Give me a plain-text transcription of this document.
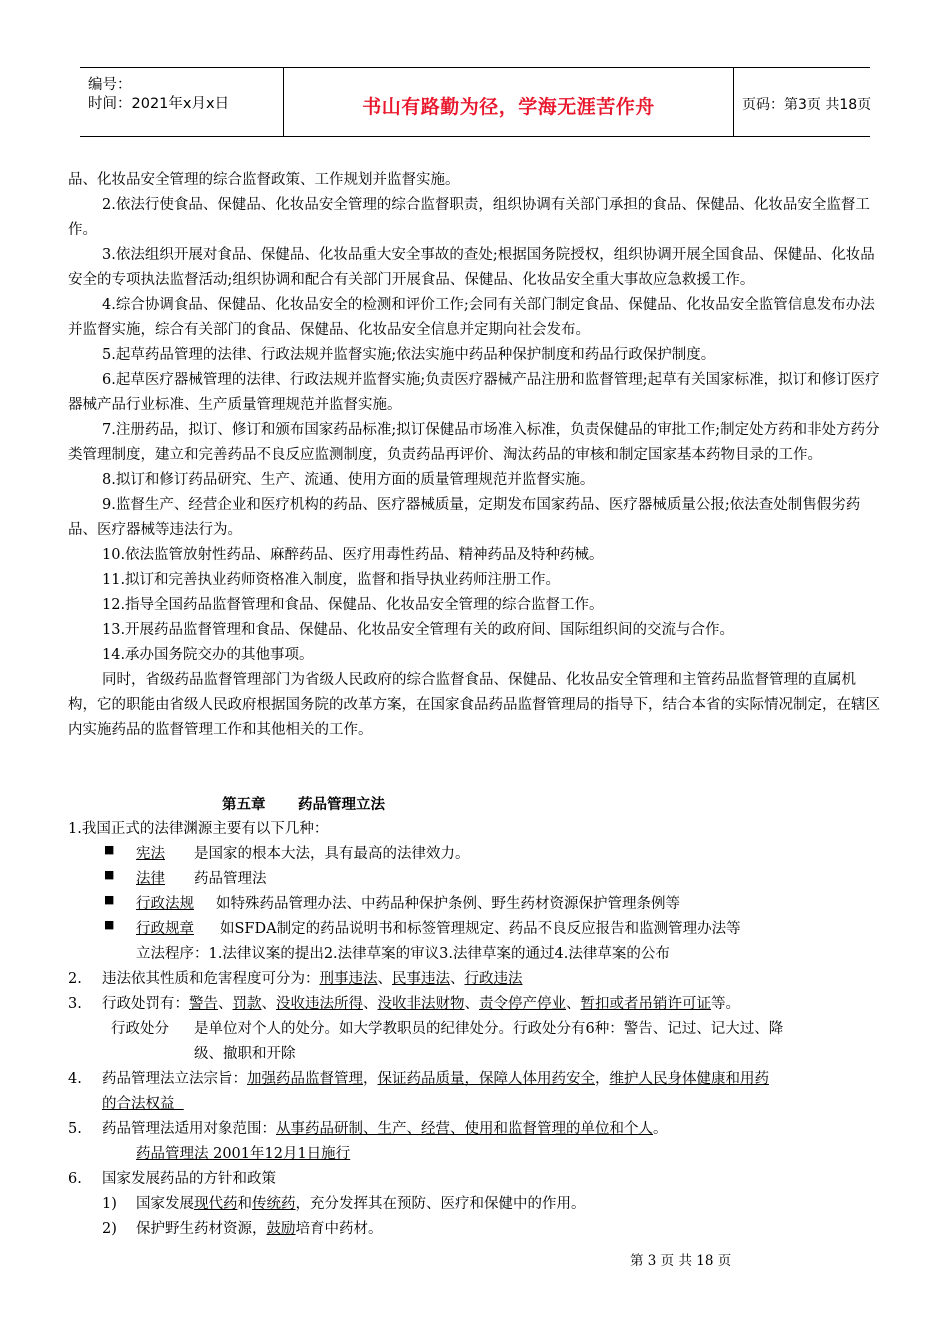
编号：
时间：2021年x月x日	书山有路勤为径，学海无涯苦作舟	页码：第3页 共18页

品、化妆品安全管理的综合监督政策、工作规划并监督实施。

2.依法行使食品、保健品、化妆品安全管理的综合监督职责，组织协调有关部门承担的食品、保健品、化妆品安全监督工作。

3.依法组织开展对食品、保健品、化妆品重大安全事故的查处;根据国务院授权，组织协调开展全国食品、保健品、化妆品安全的专项执法监督活动;组织协调和配合有关部门开展食品、保健品、化妆品安全重大事故应急救援工作。

4.综合协调食品、保健品、化妆品安全的检测和评价工作;会同有关部门制定食品、保健品、化妆品安全监管信息发布办法并监督实施，综合有关部门的食品、保健品、化妆品安全信息并定期向社会发布。

5.起草药品管理的法律、行政法规并监督实施;依法实施中药品种保护制度和药品行政保护制度。

6.起草医疗器械管理的法律、行政法规并监督实施;负责医疗器械产品注册和监督管理;起草有关国家标准，拟订和修订医疗器械产品行业标准、生产质量管理规范并监督实施。

7.注册药品，拟订、修订和颁布国家药品标准;拟订保健品市场准入标准，负责保健品的审批工作;制定处方药和非处方药分类管理制度，建立和完善药品不良反应监测制度，负责药品再评价、淘汰药品的审核和制定国家基本药物目录的工作。

8.拟订和修订药品研究、生产、流通、使用方面的质量管理规范并监督实施。

9.监督生产、经营企业和医疗机构的药品、医疗器械质量，定期发布国家药品、医疗器械质量公报;依法查处制售假劣药品、医疗器械等违法行为。

10.依法监管放射性药品、麻醉药品、医疗用毒性药品、精神药品及特种药械。

11.拟订和完善执业药师资格准入制度，监督和指导执业药师注册工作。

12.指导全国药品监督管理和食品、保健品、化妆品安全管理的综合监督工作。

13.开展药品监督管理和食品、保健品、化妆品安全管理有关的政府间、国际组织间的交流与合作。

14.承办国务院交办的其他事项。

同时，省级药品监督管理部门为省级人民政府的综合监督食品、保健品、化妆品安全管理和主管药品监督管理的直属机构，它的职能由省级人民政府根据国务院的改革方案，在国家食品药品监督管理局的指导下，结合本省的实际情况制定，在辖区内实施药品的监督管理工作和其他相关的工作。

第五章 药品管理立法
1.我国正式的法律渊源主要有以下几种：
■ 宪法 是国家的根本大法，具有最高的法律效力。
■ 法律 药品管理法
■ 行政法规 如特殊药品管理办法、中药品种保护条例、野生药材资源保护管理条例等
■ 行政规章 如SFDA制定的药品说明书和标签管理规定、药品不良反应报告和监测管理办法等
立法程序：1.法律议案的提出2.法律草案的审议3.法律草案的通过4.法律草案的公布
2. 违法依其性质和危害程度可分为：刑事违法、民事违法、行政违法
3. 行政处罚有：警告、罚款、没收违法所得、没收非法财物、责令停产停业、暂扣或者吊销许可证等。
行政处分 是单位对个人的处分。如大学教职员的纪律处分。行政处分有6种：警告、记过、记大过、降
级、撤职和开除
4. 药品管理法立法宗旨：加强药品监督管理，保证药品质量，保障人体用药安全，维护人民身体健康和用药
的合法权益
5. 药品管理法适用对象范围：从事药品研制、生产、经营、使用和监督管理的单位和个人。
药品管理法 2001年12月1日施行
6. 国家发展药品的方针和政策
1) 国家发展现代药和传统药，充分发挥其在预防、医疗和保健中的作用。
2) 保护野生药材资源，鼓励培育中药材。
第 3 页 共 18 页
